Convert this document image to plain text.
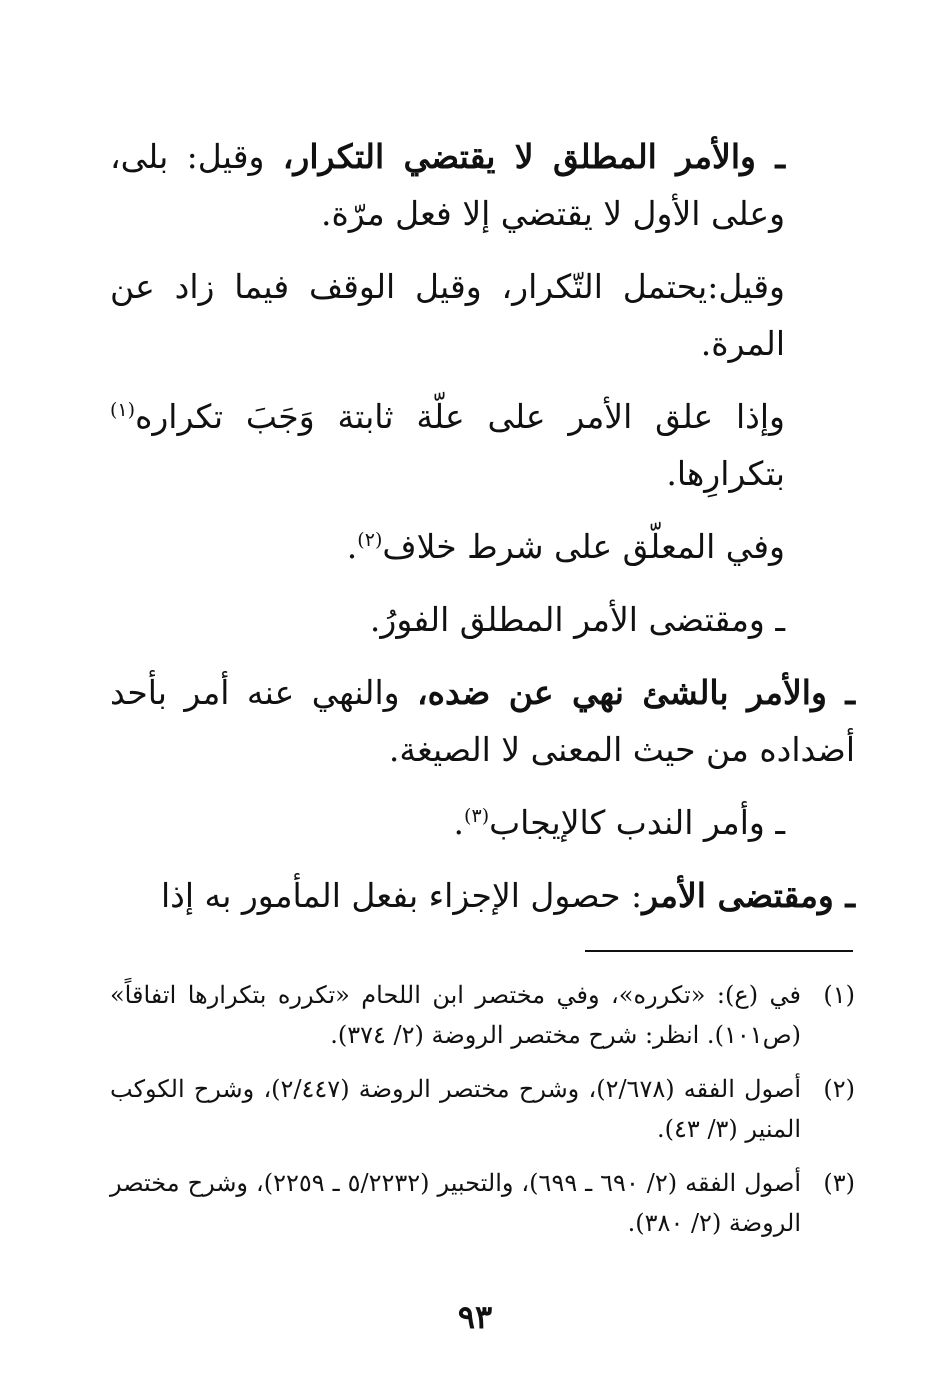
ـ والأمر المطلق لا يقتضي التكرار، وقيل: بلى، وعلى الأول لا يقتضي إلا فعل مرّة.

وقيل:يحتمل التّكرار، وقيل الوقف فيما زاد عن المرة.

وإذا علق الأمر على علّة ثابتة وَجَبَ تكراره$^{(١)}$ بتكرارِها.

وفي المعلّق على شرط خلاف$^{(٢)}$.

ـ ومقتضى الأمر المطلق الفورُ.

ـ والأمر بالشئ نهي عن ضده، والنهي عنه أمر بأحد أضداده من حيث المعنى لا الصيغة.

ـ وأمر الندب كالإيجاب$^{(٣)}$.

ـ ومقتضى الأمر: حصول الإجزاء بفعل المأمور به إذا

(١)
في (ع): «تكرره»، وفي مختصر ابن اللحام «تكرره بتكرارها اتفاقاً» (ص١٠١). انظر: شرح مختصر الروضة (٢/ ٣٧٤).
(٢)
أصول الفقه (٢/٦٧٨)، وشرح مختصر الروضة (٢/٤٤٧)، وشرح الكوكب المنير (٣/ ٤٣).
(٣)
أصول الفقه (٢/ ٦٩٠ ـ ٦٩٩)، والتحبير (٥/٢٢٣٢ ـ ٢٢٥٩)، وشرح مختصر الروضة (٢/ ٣٨٠).
٩٣
